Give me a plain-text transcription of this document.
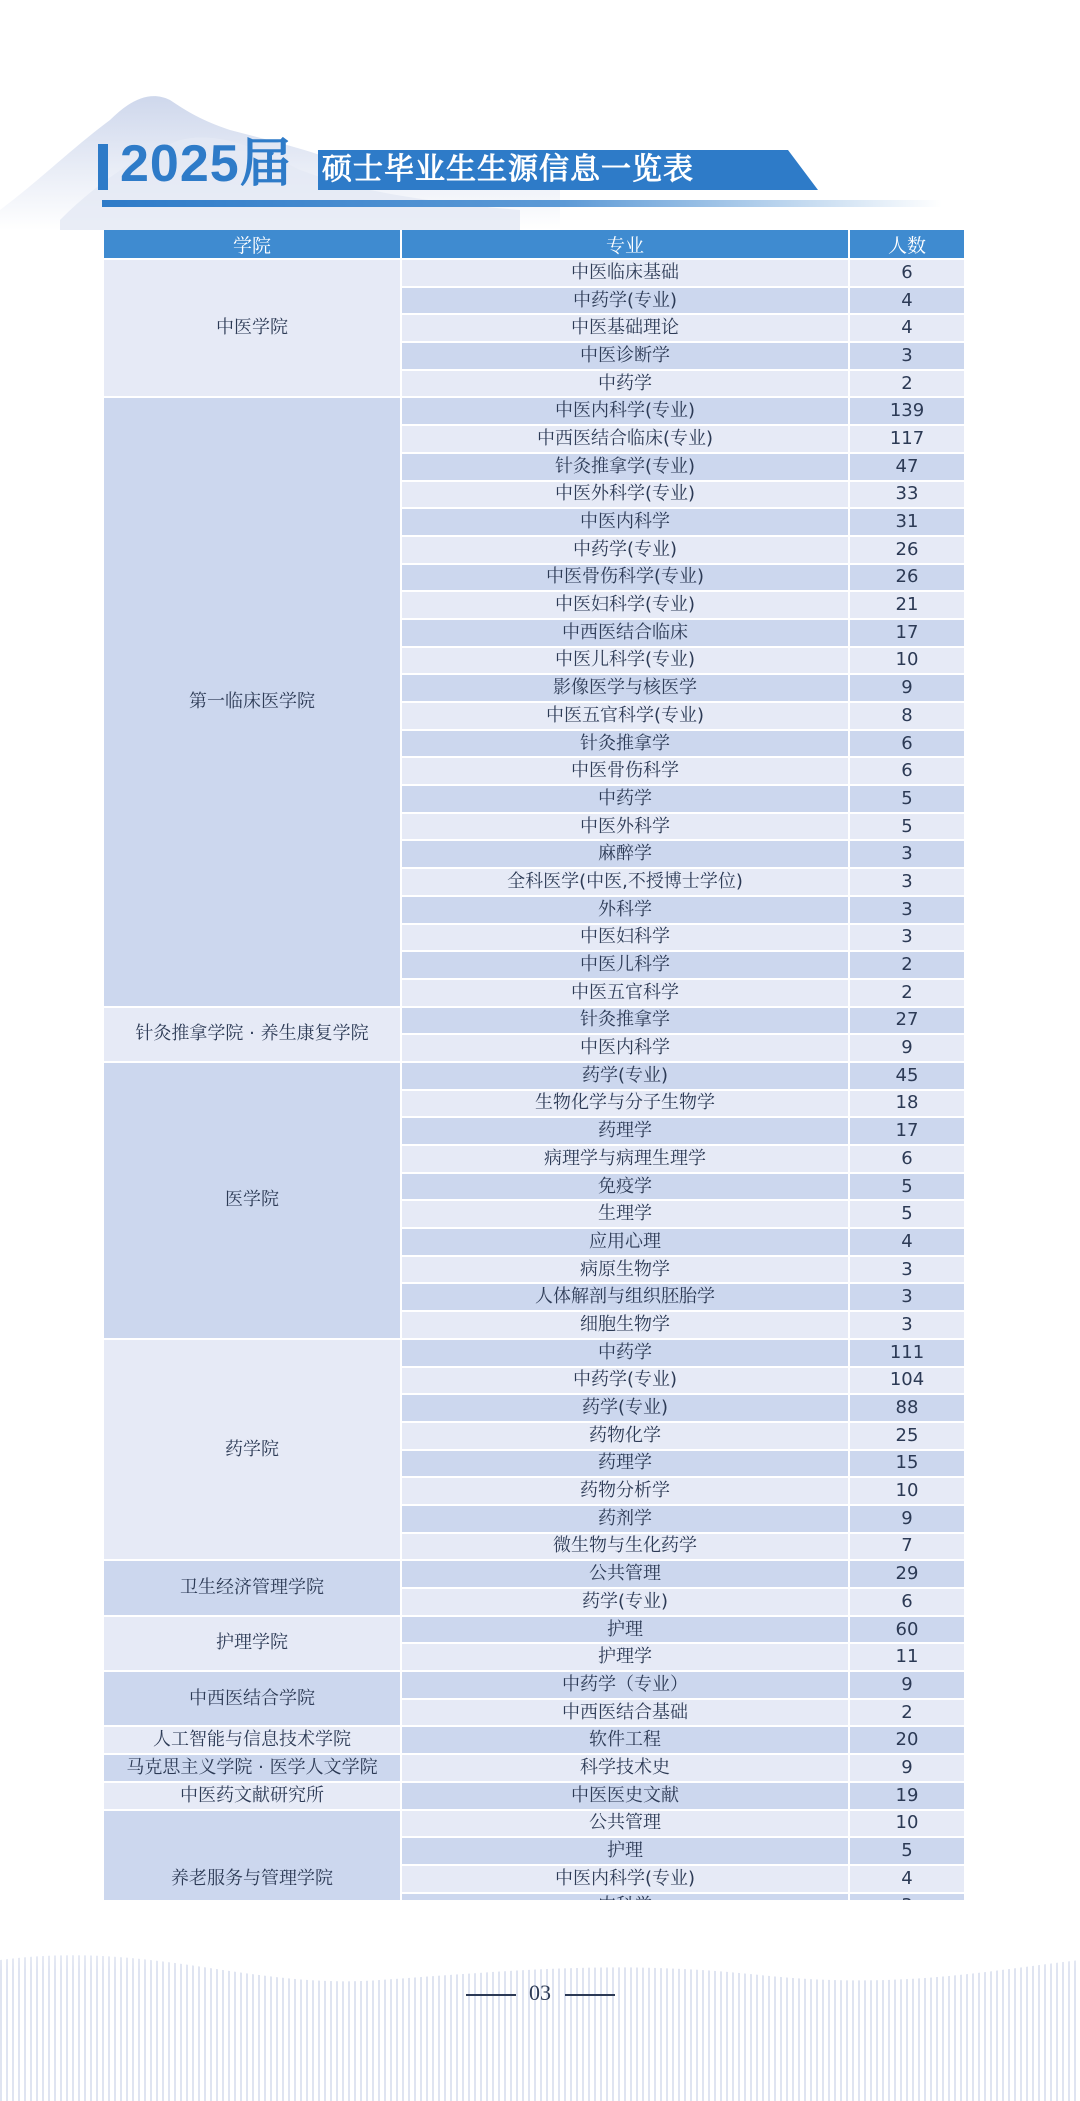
2025届 硕士毕业生生源信息一览表
学院	专业	人数
中医学院	中医临床基础	6
	中药学(专业)	4
	中医基础理论	4
	中医诊断学	3
	中药学	2
第一临床医学院	中医内科学(专业)	139
	中西医结合临床(专业)	117
	针灸推拿学(专业)	47
	中医外科学(专业)	33
	中医内科学	31
	中药学(专业)	26
	中医骨伤科学(专业)	26
	中医妇科学(专业)	21
	中西医结合临床	17
	中医儿科学(专业)	10
	影像医学与核医学	9
	中医五官科学(专业)	8
	针灸推拿学	6
	中医骨伤科学	6
	中药学	5
	中医外科学	5
	麻醉学	3
	全科医学(中医,不授博士学位)	3
	外科学	3
	中医妇科学	3
	中医儿科学	2
	中医五官科学	2
针灸推拿学院 · 养生康复学院	针灸推拿学	27
	中医内科学	9
医学院	药学(专业)	45
	生物化学与分子生物学	18
	药理学	17
	病理学与病理生理学	6
	免疫学	5
	生理学	5
	应用心理	4
	病原生物学	3
	人体解剖与组织胚胎学	3
	细胞生物学	3
药学院	中药学	111
	中药学(专业)	104
	药学(专业)	88
	药物化学	25
	药理学	15
	药物分析学	10
	药剂学	9
	微生物与生化药学	7
卫生经济管理学院	公共管理	29
	药学(专业)	6
护理学院	护理	60
	护理学	11
中西医结合学院	中药学（专业）	9
	中西医结合基础	2
人工智能与信息技术学院	软件工程	20
马克思主义学院 · 医学人文学院	科学技术史	9
中医药文献研究所	中医医史文献	19
养老服务与管理学院	公共管理	10
	护理	5
	中医内科学(专业)	4

03
